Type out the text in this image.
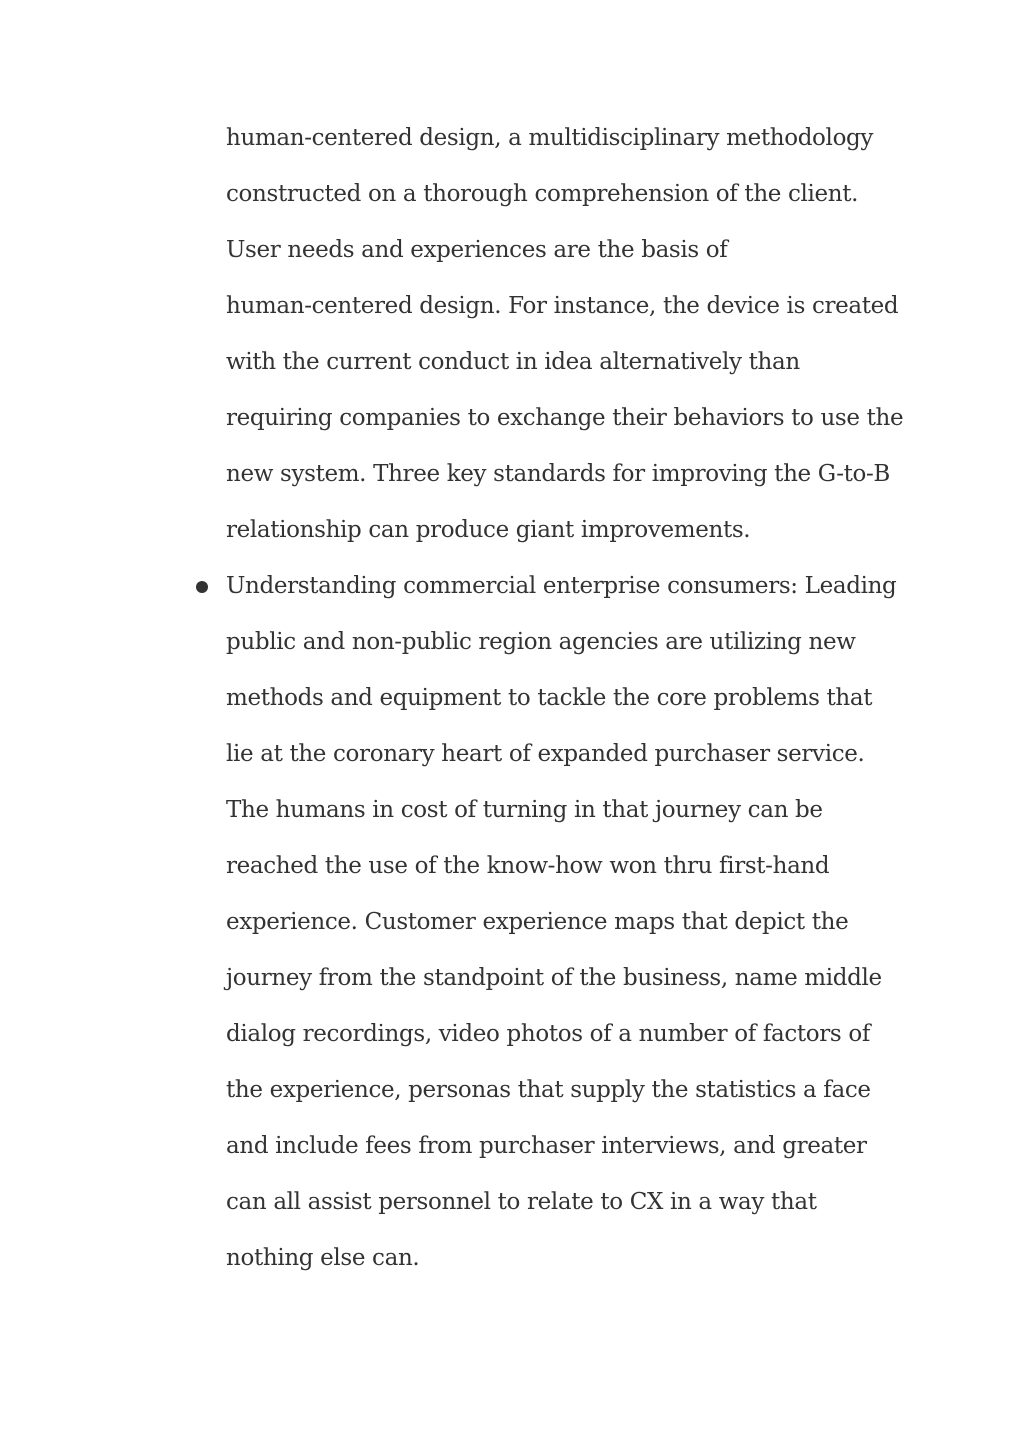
human-centered design, a multidisciplinary methodology
constructed on a thorough comprehension of the client.
User needs and experiences are the basis of
human-centered design. For instance, the device is created
with the current conduct in idea alternatively than
requiring companies to exchange their behaviors to use the
new system. Three key standards for improving the G-to-B
relationship can produce giant improvements.
Understanding commercial enterprise consumers: Leading
public and non-public region agencies are utilizing new
methods and equipment to tackle the core problems that
lie at the coronary heart of expanded purchaser service.
The humans in cost of turning in that journey can be
reached the use of the know-how won thru first-hand
experience. Customer experience maps that depict the
journey from the standpoint of the business, name middle
dialog recordings, video photos of a number of factors of
the experience, personas that supply the statistics a face
and include fees from purchaser interviews, and greater
can all assist personnel to relate to CX in a way that
nothing else can.
